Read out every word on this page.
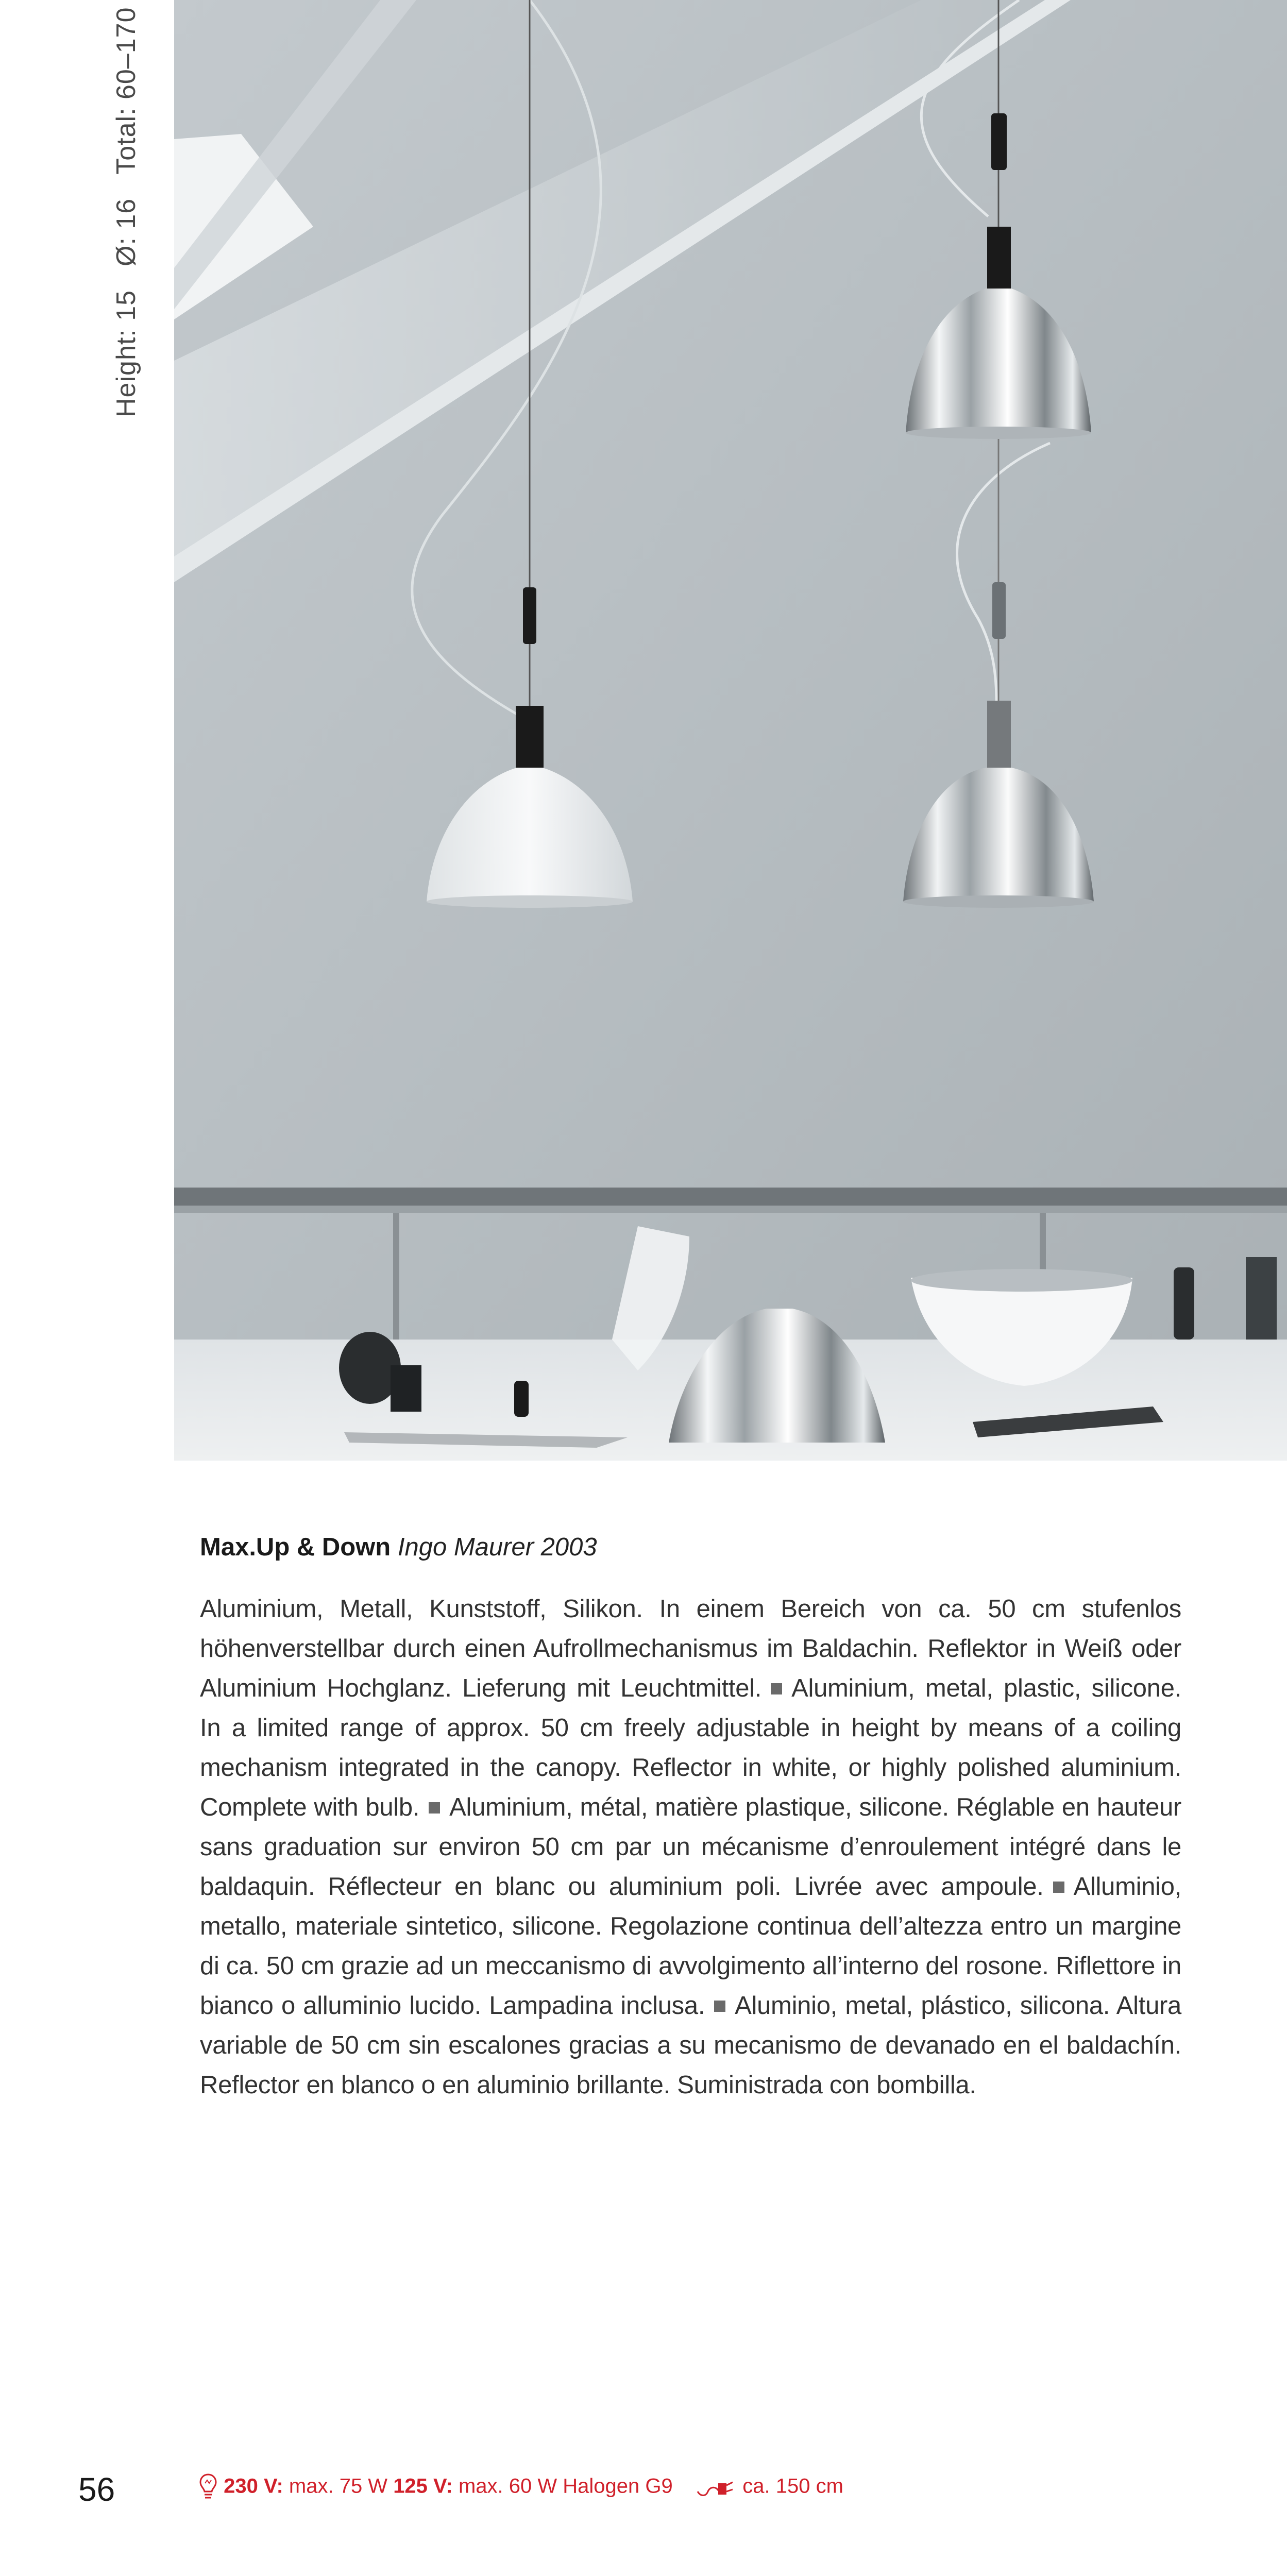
Height: 15Ø: 16Total: 60–170
Max.Up & Down Ingo Maurer 2003
Aluminium, Metall, Kunststoff, Silikon. In einem Bereich von ca. 50 cm stufenlos höhenverstellbar durch einen Aufrollmechanismus im Baldachin. Reflektor in Weiß oder Aluminium Hochglanz. Lieferung mit Leuchtmittel. Aluminium, metal, plastic, silicone. In a limited range of approx. 50 cm freely adjustable in height by means of a coiling mechanism integrated in the canopy. Reflector in white, or highly polished aluminium. Complete with bulb. Aluminium, métal, matière plastique, silicone. Réglable en hauteur sans graduation sur environ 50 cm par un mécanisme d’enroulement intégré dans le baldaquin. Réflecteur en blanc ou aluminium poli. Livrée avec ampoule. Alluminio, metallo, materiale sintetico, silicone. Regolazione continua dell’altezza entro un margine di ca. 50 cm grazie ad un meccanismo di avvolgimento all’interno del rosone. Riflettore in bianco o alluminio lucido. Lampadina inclusa. Aluminio, metal, plástico, silicona. Altura variable de 50 cm sin escalones gracias a su mecanismo de devanado en el baldachín. Reflector en blanco o en aluminio brillante. Suministrada con bombilla.
56	230 V: max. 75 W 125 V: max. 60 W Halogen G9	ca. 150 cm
